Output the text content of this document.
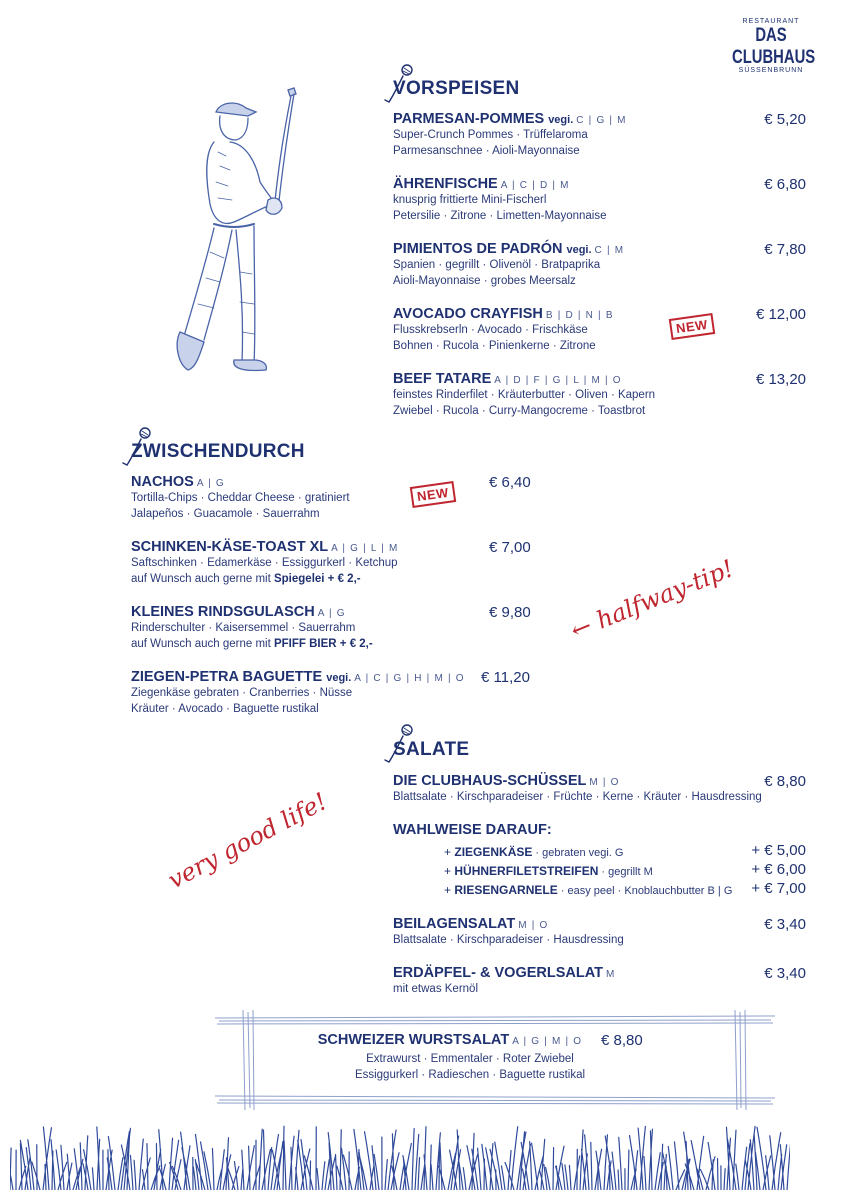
RESTAURANT
DAS CLUBHAUS
SÜSSENBRUNN
VORSPEISEN
PARMESAN-POMMES vegi. C | G | M
Super-Crunch Pommes · Trüffelaroma
Parmesanschnee · Aioli-Mayonnaise
€ 5,20
ÄHRENFISCHE A | C | D | M
knusprig frittierte Mini-Fischerl
Petersilie · Zitrone · Limetten-Mayonnaise
€ 6,80
PIMIENTOS DE PADRÓN vegi. C | M
Spanien · gegrillt · Olivenöl · Bratpaprika
Aioli-Mayonnaise · grobes Meersalz
€ 7,80
AVOCADO CRAYFISH B | D | N | B
Flusskrebserln · Avocado · Frischkäse
Bohnen · Rucola · Pinienkerne · Zitrone
NEW
€ 12,00
BEEF TATARE A | D | F | G | L | M | O
feinstes Rinderfilet · Kräuterbutter · Oliven · Kapern
Zwiebel · Rucola · Curry-Mangocreme · Toastbrot
€ 13,20
ZWISCHENDURCH
NACHOS A | G
Tortilla-Chips · Cheddar Cheese · gratiniert
Jalapeños · Guacamole · Sauerrahm
NEW
€ 6,40
SCHINKEN-KÄSE-TOAST XL A | G | L | M
Saftschinken · Edamerkäse · Essiggurkerl · Ketchup
auf Wunsch auch gerne mit Spiegelei + € 2,-
€ 7,00
KLEINES RINDSGULASCH A | G
Rinderschulter · Kaisersemmel · Sauerrahm
auf Wunsch auch gerne mit PFIFF BIER + € 2,-
€ 9,80
ZIEGEN-PETRA BAGUETTE vegi. A | C | G | H | M | O
Ziegenkäse gebraten · Cranberries · Nüsse
Kräuter · Avocado · Baguette rustikal
€ 11,20
← halfway-tip!
very good life!
SALATE
DIE CLUBHAUS-SCHÜSSEL M | O
Blattsalate · Kirschparadeiser · Früchte · Kerne · Kräuter · Hausdressing
€ 8,80
WAHLWEISE DARAUF:
+ ZIEGENKÄSE · gebraten vegi. G	+ € 5,00
+ HÜHNERFILETSTREIFEN · gegrillt M	+ € 6,00
+ RIESENGARNELE · easy peel · Knoblauchbutter B | G + € 7,00
BEILAGENSALAT M | O
Blattsalate · Kirschparadeiser · Hausdressing
€ 3,40
ERDÄPFEL- & VOGERLSALAT M
mit etwas Kernöl
€ 3,40
SCHWEIZER WURSTSALAT A | G | M | O
Extrawurst · Emmentaler · Roter Zwiebel
Essiggurkerl · Radieschen · Baguette rustikal
€ 8,80
